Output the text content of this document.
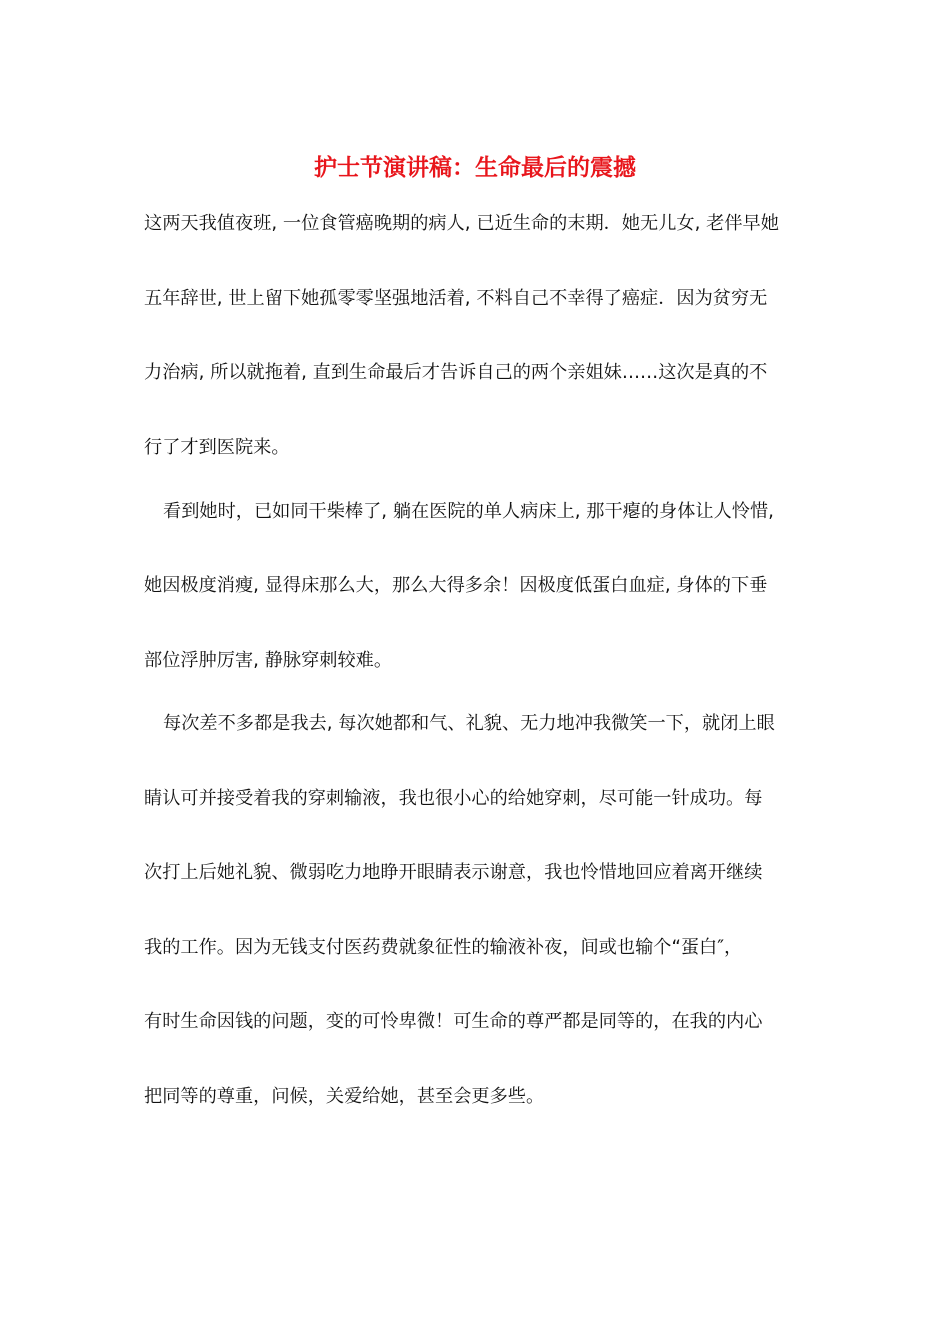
护士节演讲稿：生命最后的震撼
这两天我值夜班, 一位食管癌晚期的病人, 已近生命的末期．她无儿女, 老伴早她
五年辞世, 世上留下她孤零零坚强地活着, 不料自己不幸得了癌症．因为贫穷无
力治病, 所以就拖着, 直到生命最后才告诉自己的两个亲姐妹……这次是真的不
行了才到医院来。
看到她时，已如同干柴棒了, 躺在医院的单人病床上, 那干瘪的身体让人怜惜,
她因极度消瘦, 显得床那么大，那么大得多余！因极度低蛋白血症, 身体的下垂
部位浮肿厉害, 静脉穿刺较难。
每次差不多都是我去, 每次她都和气、礼貌、无力地冲我微笑一下，就闭上眼
睛认可并接受着我的穿刺输液，我也很小心的给她穿刺，尽可能一针成功。每
次打上后她礼貌、微弱吃力地睁开眼睛表示谢意，我也怜惜地回应着离开继续
我的工作。因为无钱支付医药费就象征性的输液补夜，间或也输个“蛋白″，
有时生命因钱的问题，变的可怜卑微！可生命的尊严都是同等的，在我的内心
把同等的尊重，问候，关爱给她，甚至会更多些。
